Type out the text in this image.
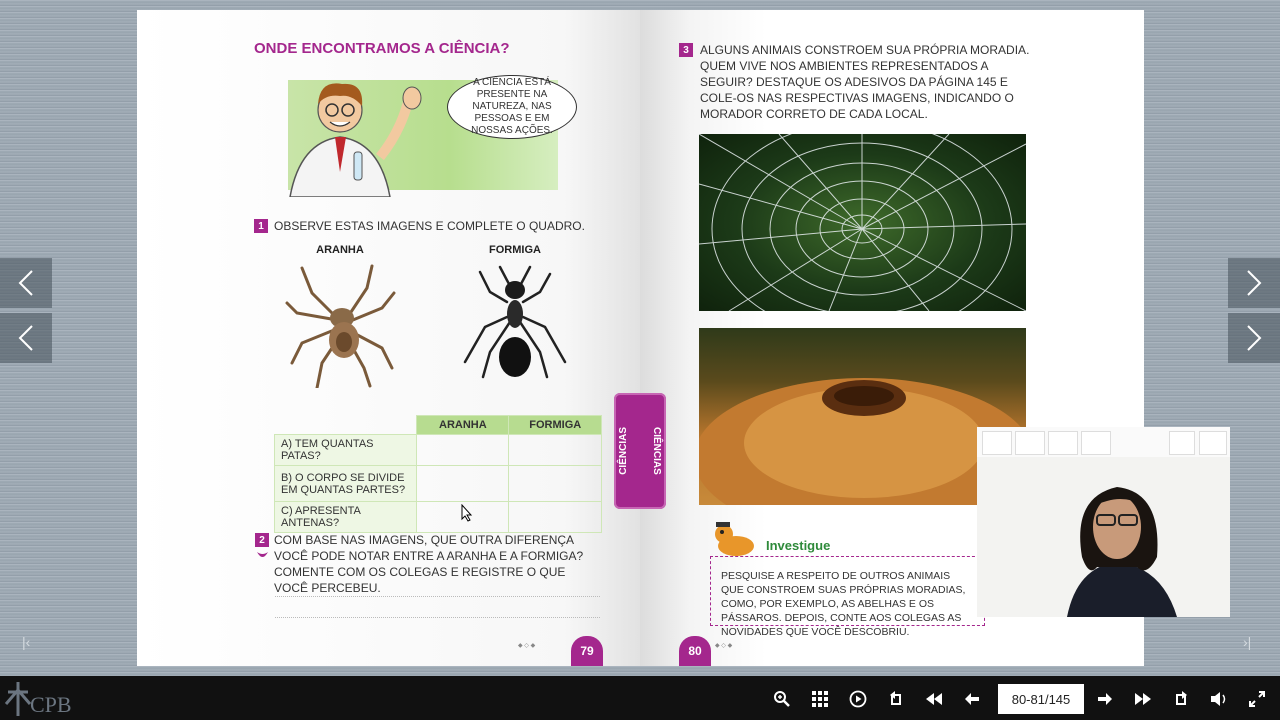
ONDE ENCONTRAMOS A CIÊNCIA?
A CIÊNCIA ESTÁ PRESENTE NA NATUREZA, NAS PESSOAS E EM NOSSAS AÇÕES.
1 OBSERVE ESTAS IMAGENS E COMPLETE O QUADRO.
ARANHA	FORMIGA
	ARANHA	FORMIGA
A) TEM QUANTAS PATAS?		
B) O CORPO SE DIVIDE EM QUANTAS PARTES?		
C) APRESENTA ANTENAS?		
2 COM BASE NAS IMAGENS, QUE OUTRA DIFERENÇA VOCÊ PODE NOTAR ENTRE A ARANHA E A FORMIGA? COMENTE COM OS COLEGAS E REGISTRE O QUE VOCÊ PERCEBEU.
◆ ◇ ◆	79
CIÊNCIAS CIÊNCIAS
3 ALGUNS ANIMAIS CONSTROEM SUA PRÓPRIA MORADIA. QUEM VIVE NOS AMBIENTES REPRESENTADOS A SEGUIR? DESTAQUE OS ADESIVOS DA PÁGINA 145 E COLE-OS NAS RESPECTIVAS IMAGENS, INDICANDO O MORADOR CORRETO DE CADA LOCAL.
Investigue
PESQUISE A RESPEITO DE OUTROS ANIMAIS QUE CONSTROEM SUAS PRÓPRIAS MORADIAS, COMO, POR EXEMPLO, AS ABELHAS E OS PÁSSAROS. DEPOIS, CONTE AOS COLEGAS AS NOVIDADES QUE VOCÊ DESCOBRIU.
◆ ◇ ◆
80
|‹	›|
CPB
80-81/145
